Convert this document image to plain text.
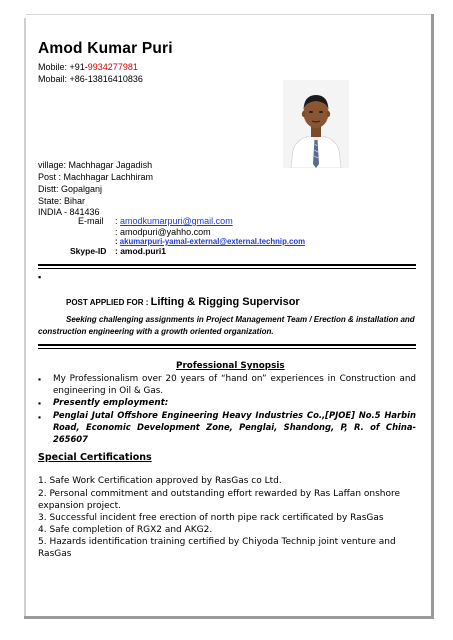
Amod Kumar Puri
Mobile: +91-9934277981
Mobail: +86-13816410836
village: Machhagar Jagadish
Post : Machhagar Lachhiram
Distt: Gopalganj
State: Bihar
INDIA - 841436
E-mail : amodkumarpuri@gmail.com
: amodpuri@yahho.com
: akumarpuri-yamal-external@external.technip.com
Skype-ID : amod.puri1
▪
POST APPLIED FOR : Lifting & Rigging Supervisor
Seeking challenging assignments in Project Management Team / Erection & installation and construction engineering with a growth oriented organization.
Professional Synopsis
▪ My Professionalism over 20 years of “hand on” experiences in Construction and engineering in Oil & Gas.
▪ Presently employment:
▪ Penglai Jutal Offshore Engineering Heavy Industries Co.,[PJOE] No.5 Harbin Road, Economic Development Zone, Penglai, Shandong, P, R. of China-265607
Special Certifications
1. Safe Work Certification approved by RasGas co Ltd.
2. Personal commitment and outstanding effort rewarded by Ras Laffan onshore expansion project.
3. Successful incident free erection of north pipe rack certificated by RasGas
4. Safe completion of RGX2 and AKG2.
5. Hazards identification training certified by Chiyoda Technip joint venture and RasGas
